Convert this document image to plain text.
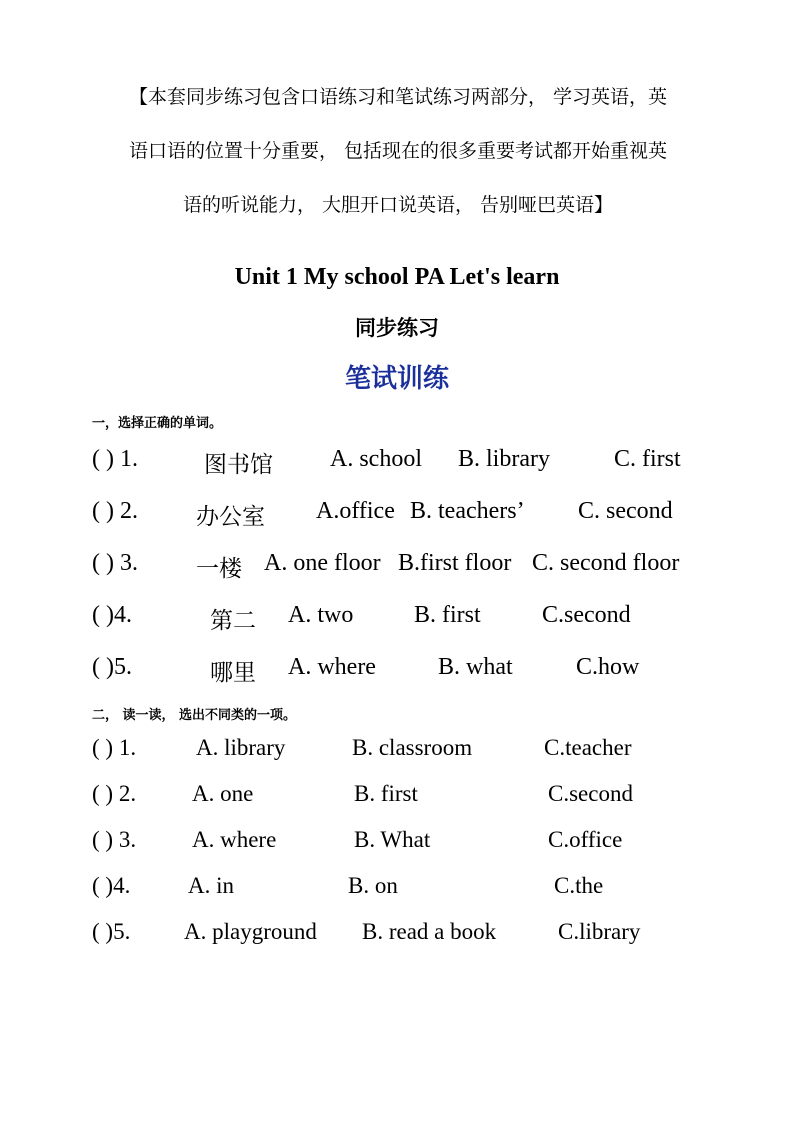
【本套同步练习包含口语练习和笔试练习两部分， 学习英语，英
语口语的位置十分重要， 包括现在的很多重要考试都开始重视英
语的听说能力， 大胆开口说英语， 告别哑巴英语】
Unit 1 My school PA Let's learn
同步练习
笔试训练
一，选择正确的单词。
( ) 1.	图书馆 A. school B. library	C. first
( ) 2.	办公室 A.office B. teachers’ C. second
( ) 3.	一楼 A. one floor B.first floor C. second floor
( )4.	第二 A. two	B. first	C.second
( )5.	哪里 A. where	B. what	C.how
二， 读一读， 选出不同类的一项。
( ) 1.	A. library	B. classroom	C.teacher
( ) 2. A. one	B. first	C.second
( ) 3. A. where	B. What	C.office
( )4.	A. in	B. on	C.the
( )5. A. playground B. read a book	C.library
